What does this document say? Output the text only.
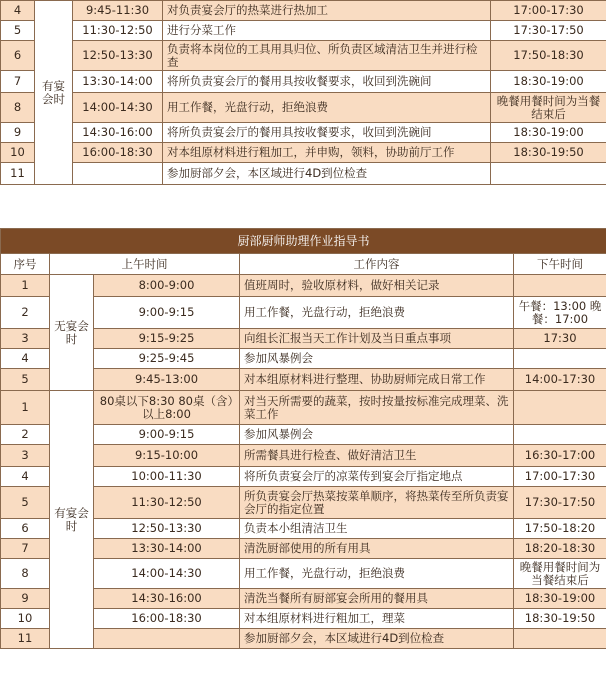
4	有宴会时	9:45-11:30	对负责宴会厅的热菜进行热加工	17:00-17:30
5		11:30-12:50	进行分菜工作	17:30-17:50
6		12:50-13:30	负责将本岗位的工具用具归位、所负责区域清洁卫生并进行检查	17:50-18:30
7		13:30-14:00	将所负责宴会厅的餐用具按收餐要求，收回到洗碗间	18:30-19:00
8		14:00-14:30	用工作餐，光盘行动，拒绝浪费	晚餐用餐时间为当餐结束后
9		14:30-16:00	将所负责宴会厅的餐用具按收餐要求，收回到洗碗间	18:30-19:00
10		16:00-18:30	对本组原材料进行粗加工，并申购，领料，协助前厅工作	18:30-19:50
11			参加厨部夕会，本区域进行4D到位检查	
厨部厨师助理作业指导书				
序号	上午时间		工作内容	下午时间
1	无宴会时	8:00-9:00	值班周时，验收原材料，做好相关记录	
2		9:00-9:15	用工作餐，光盘行动，拒绝浪费	午餐：13:00 晚餐：17:00
3		9:15-9:25	向组长汇报当天工作计划及当日重点事项	17:30
4		9:25-9:45	参加风暴例会	
5		9:45-13:00	对本组原材料进行整理、协助厨师完成日常工作	14:00-17:30
1	有宴会时	80桌以下8:30 80桌（含）以上8:00	对当天所需要的蔬菜，按时按量按标准完成理菜、洗菜工作	
2		9:00-9:15	参加风暴例会	
3		9:15-10:00	所需餐具进行检查、做好清洁卫生	16:30-17:00
4		10:00-11:30	将所负责宴会厅的凉菜传到宴会厅指定地点	17:00-17:30
5		11:30-12:50	所负责宴会厅热菜按菜单顺序，将热菜传至所负责宴会厅的指定位置	17:30-17:50
6		12:50-13:30	负责本小组清洁卫生	17:50-18:20
7		13:30-14:00	清洗厨部使用的所有用具	18:20-18:30
8		14:00-14:30	用工作餐，光盘行动，拒绝浪费	晚餐用餐时间为当餐结束后
9		14:30-16:00	清洗当餐所有厨部宴会所用的餐用具	18:30-19:00
10		16:00-18:30	对本组原材料进行粗加工，理菜	18:30-19:50
11			参加厨部夕会，本区域进行4D到位检查	
